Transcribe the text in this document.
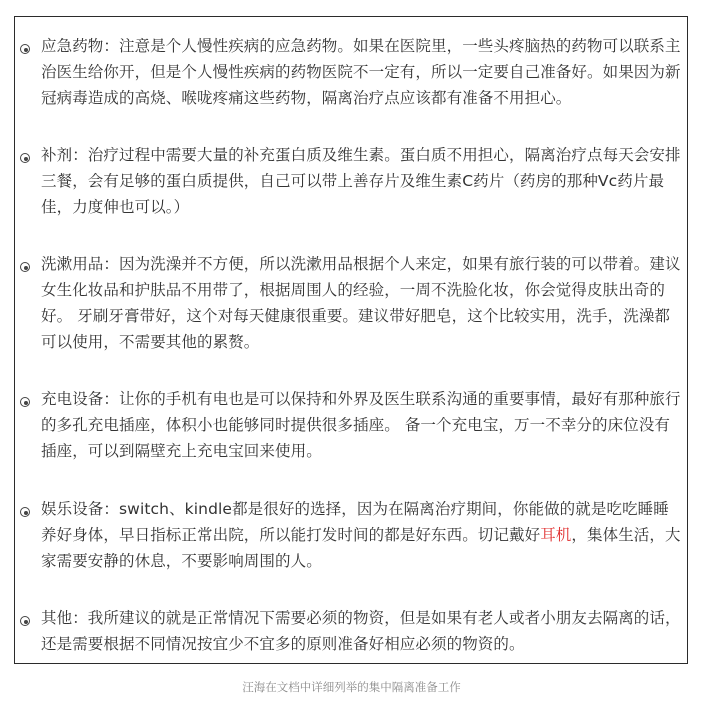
应急药物：注意是个人慢性疾病的应急药物。如果在医院里，一些头疼脑热的药物可以联系主治医生给你开，但是个人慢性疾病的药物医院不一定有，所以一定要自己准备好。如果因为新冠病毒造成的高烧、喉咙疼痛这些药物，隔离治疗点应该都有准备不用担心。

补剂：治疗过程中需要大量的补充蛋白质及维生素。蛋白质不用担心，隔离治疗点每天会安排三餐，会有足够的蛋白质提供，自己可以带上善存片及维生素C药片（药房的那种Vc药片最佳，力度伸也可以。）

洗漱用品：因为洗澡并不方便，所以洗漱用品根据个人来定，如果有旅行装的可以带着。建议女生化妆品和护肤品不用带了，根据周围人的经验，一周不洗脸化妆，你会觉得皮肤出奇的好。 牙刷牙膏带好，这个对每天健康很重要。建议带好肥皂，这个比较实用，洗手，洗澡都可以使用，不需要其他的累赘。

充电设备：让你的手机有电也是可以保持和外界及医生联系沟通的重要事情，最好有那种旅行的多孔充电插座，体积小也能够同时提供很多插座。 备一个充电宝，万一不幸分的床位没有插座，可以到隔壁充上充电宝回来使用。

娱乐设备：switch、kindle都是很好的选择，因为在隔离治疗期间，你能做的就是吃吃睡睡养好身体，早日指标正常出院，所以能打发时间的都是好东西。切记戴好耳机，集体生活，大家需要安静的休息，不要影响周围的人。

其他：我所建议的就是正常情况下需要必须的物资，但是如果有老人或者小朋友去隔离的话，还是需要根据不同情况按宜少不宜多的原则准备好相应必须的物资的。

汪海在文档中详细列举的集中隔离准备工作
